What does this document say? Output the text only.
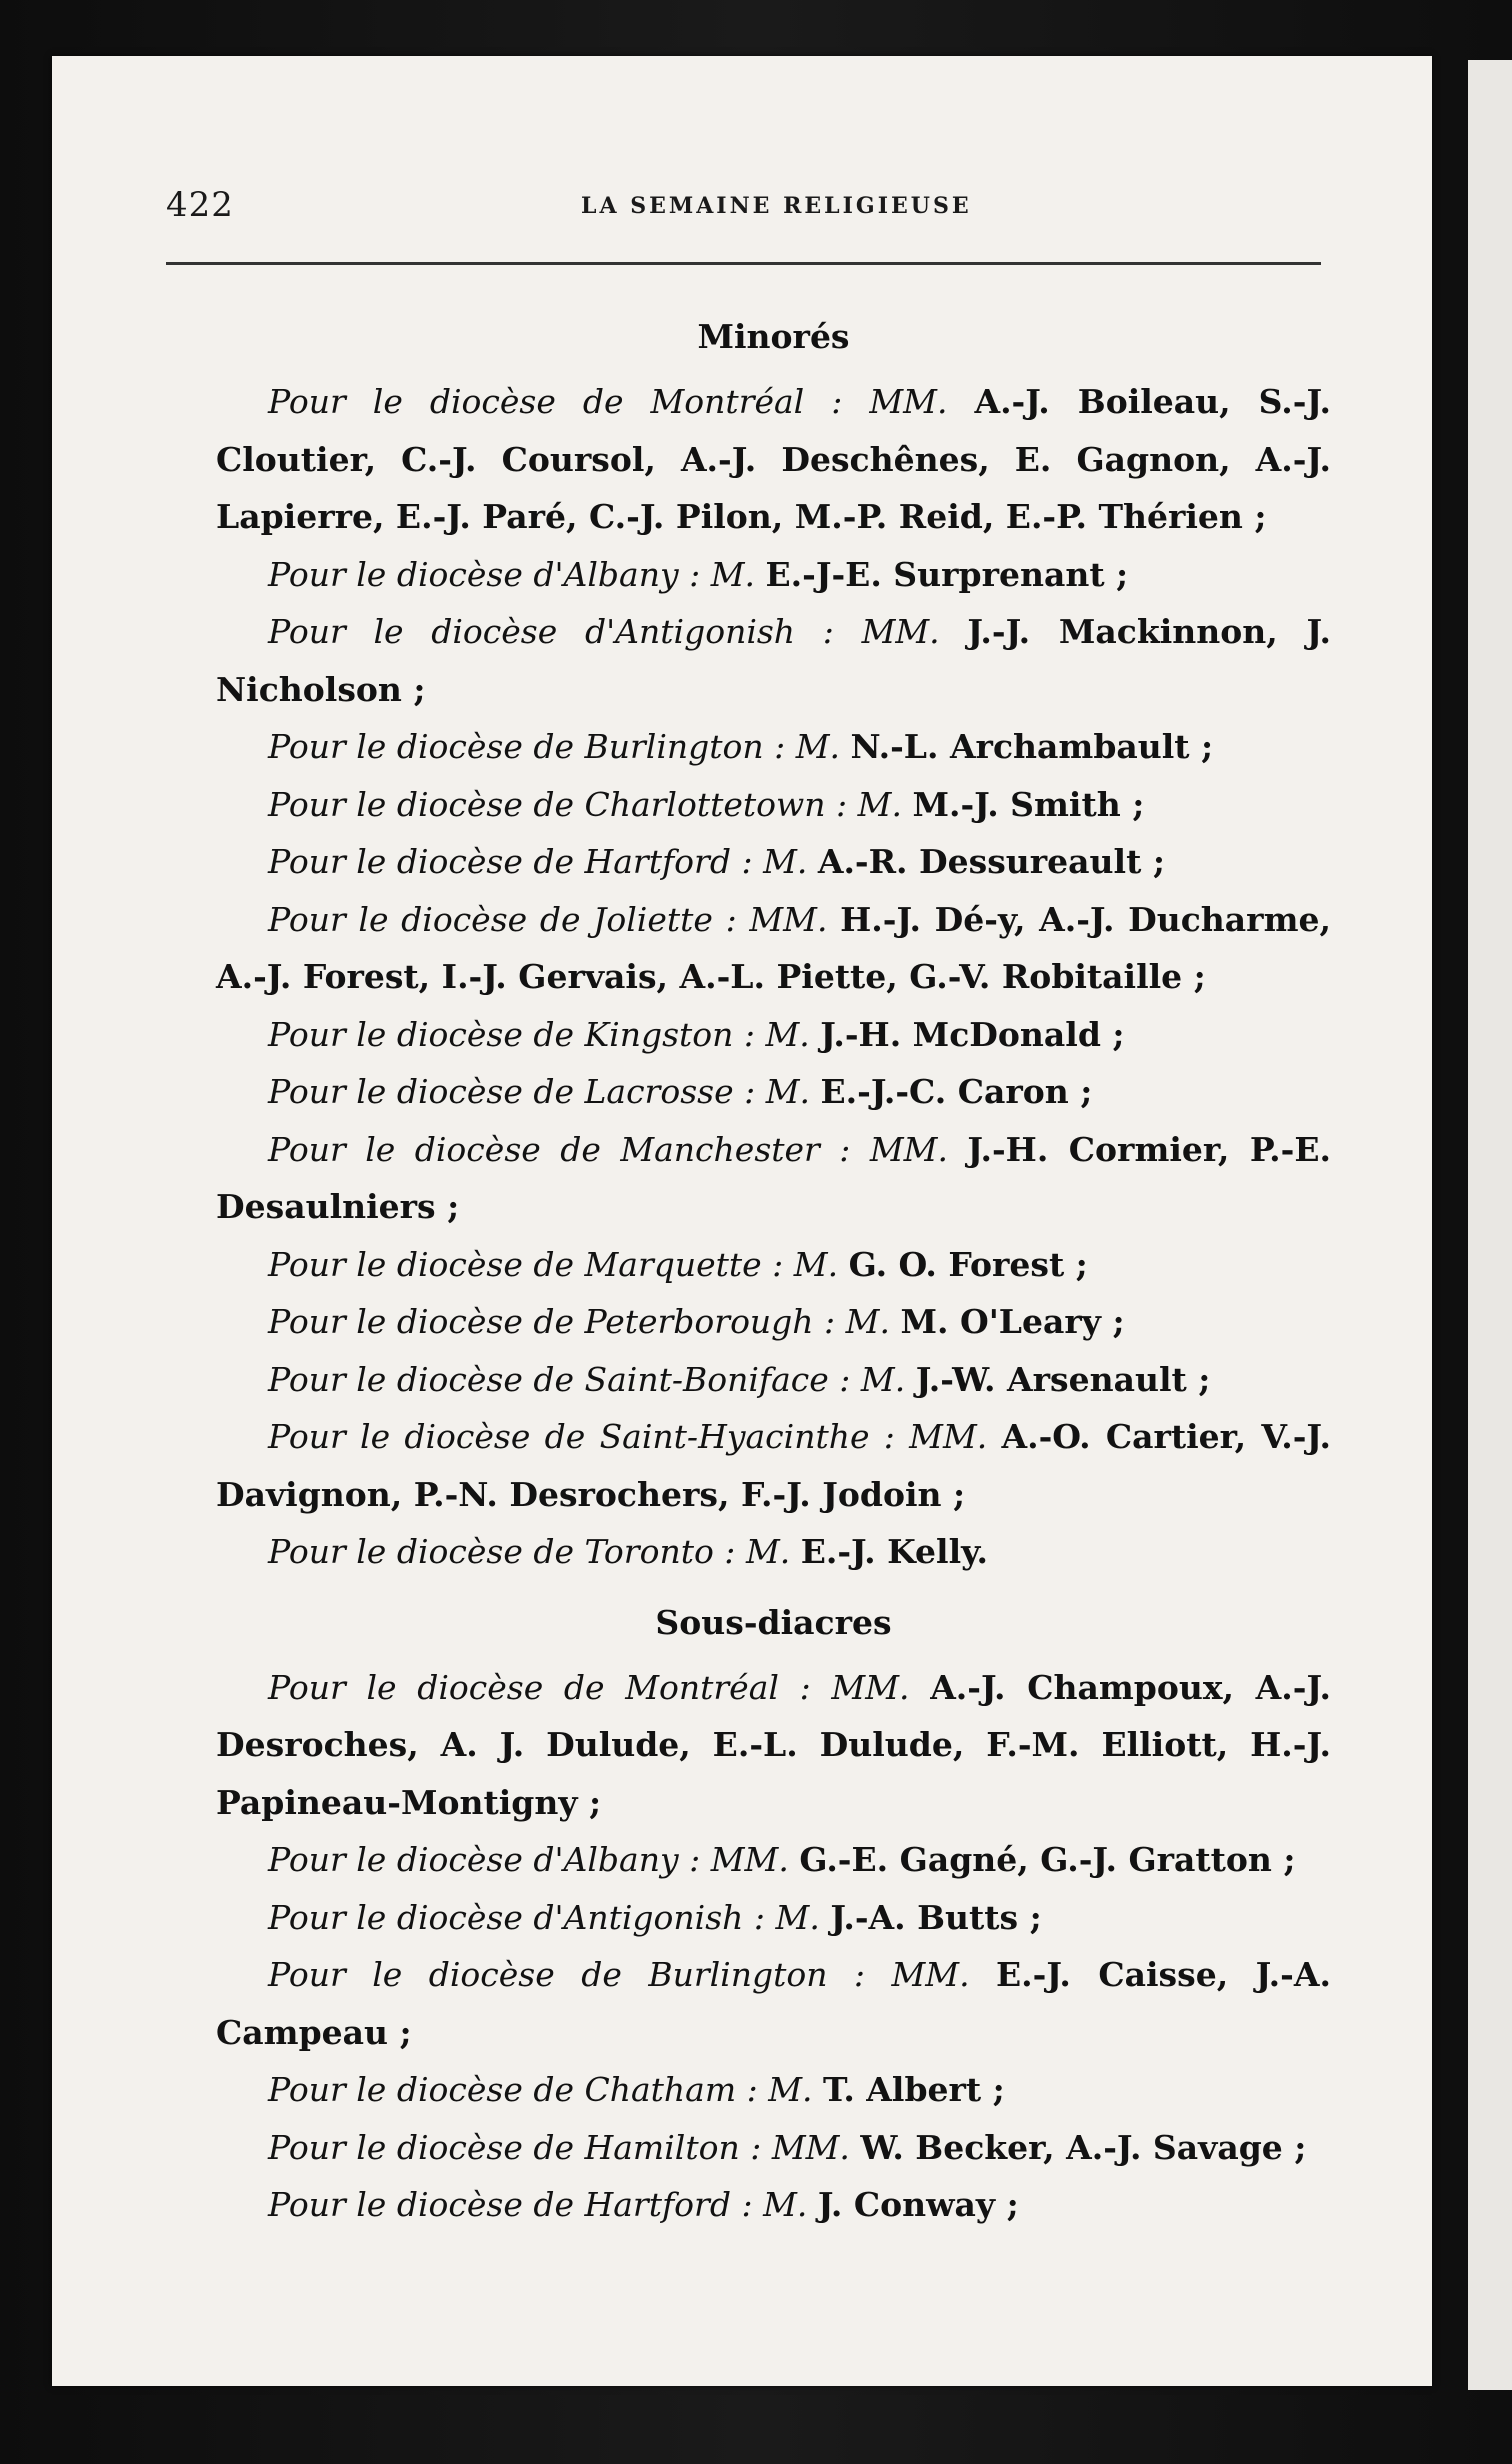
422	LA SEMAINE RELIGIEUSE
Minorés

Pour le diocèse de Montréal : MM. A.-J. Boileau, S.-J. Cloutier, C.-J. Coursol, A.-J. Deschênes, E. Gagnon, A.-J. Lapierre, E.-J. Paré, C.-J. Pilon, M.-P. Reid, E.-P. Thérien ;

Pour le diocèse d'Albany : M. E.-J-E. Surprenant ;

Pour le diocèse d'Antigonish : MM. J.-J. Mackinnon, J. Nicholson ;

Pour le diocèse de Burlington : M. N.-L. Archambault ;

Pour le diocèse de Charlottetown : M. M.-J. Smith ;

Pour le diocèse de Hartford : M. A.-R. Dessureault ;

Pour le diocèse de Joliette : MM. H.-J. Dé-y, A.-J. Ducharme, A.-J. Forest, I.-J. Gervais, A.-L. Piette, G.-V. Robitaille ;

Pour le diocèse de Kingston : M. J.-H. McDonald ;

Pour le diocèse de Lacrosse : M. E.-J.-C. Caron ;

Pour le diocèse de Manchester : MM. J.-H. Cormier, P.-E. Desaulniers ;

Pour le diocèse de Marquette : M. G. O. Forest ;

Pour le diocèse de Peterborough : M. M. O'Leary ;

Pour le diocèse de Saint-Boniface : M. J.-W. Arsenault ;

Pour le diocèse de Saint-Hyacinthe : MM. A.-O. Cartier, V.-J. Davignon, P.-N. Desrochers, F.-J. Jodoin ;

Pour le diocèse de Toronto : M. E.-J. Kelly.

Sous-diacres

Pour le diocèse de Montréal : MM. A.-J. Champoux, A.-J. Desroches, A. J. Dulude, E.-L. Dulude, F.-M. Elliott, H.-J. Papineau-Montigny ;

Pour le diocèse d'Albany : MM. G.-E. Gagné, G.-J. Gratton ;

Pour le diocèse d'Antigonish : M. J.-A. Butts ;

Pour le diocèse de Burlington : MM. E.-J. Caisse, J.-A. Campeau ;

Pour le diocèse de Chatham : M. T. Albert ;

Pour le diocèse de Hamilton : MM. W. Becker, A.-J. Savage ;

Pour le diocèse de Hartford : M. J. Conway ;
